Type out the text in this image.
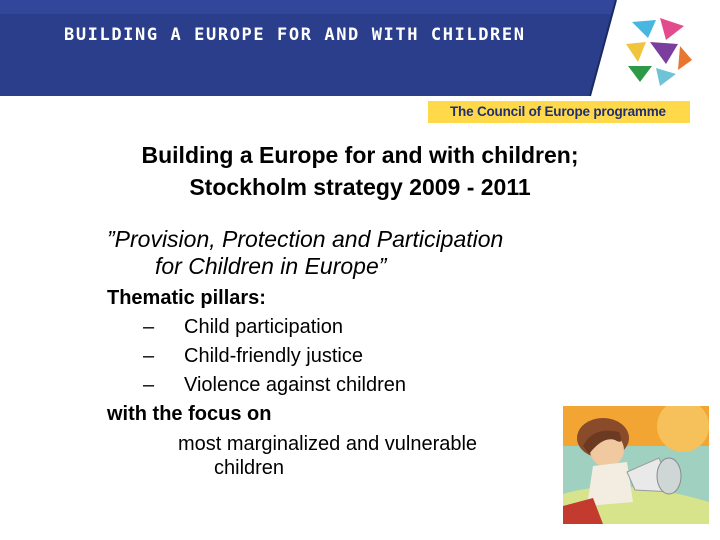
BUILDING A EUROPE FOR AND WITH CHILDREN
The Council of Europe programme
Building a Europe for and with children;
Stockholm strategy 2009 - 2011

”Provision, Protection and Participation
for Children in Europe”

Thematic pillars:
–	Child participation
–	Child-friendly justice
–	Violence against children
with the focus on
most marginalized and vulnerable
children
